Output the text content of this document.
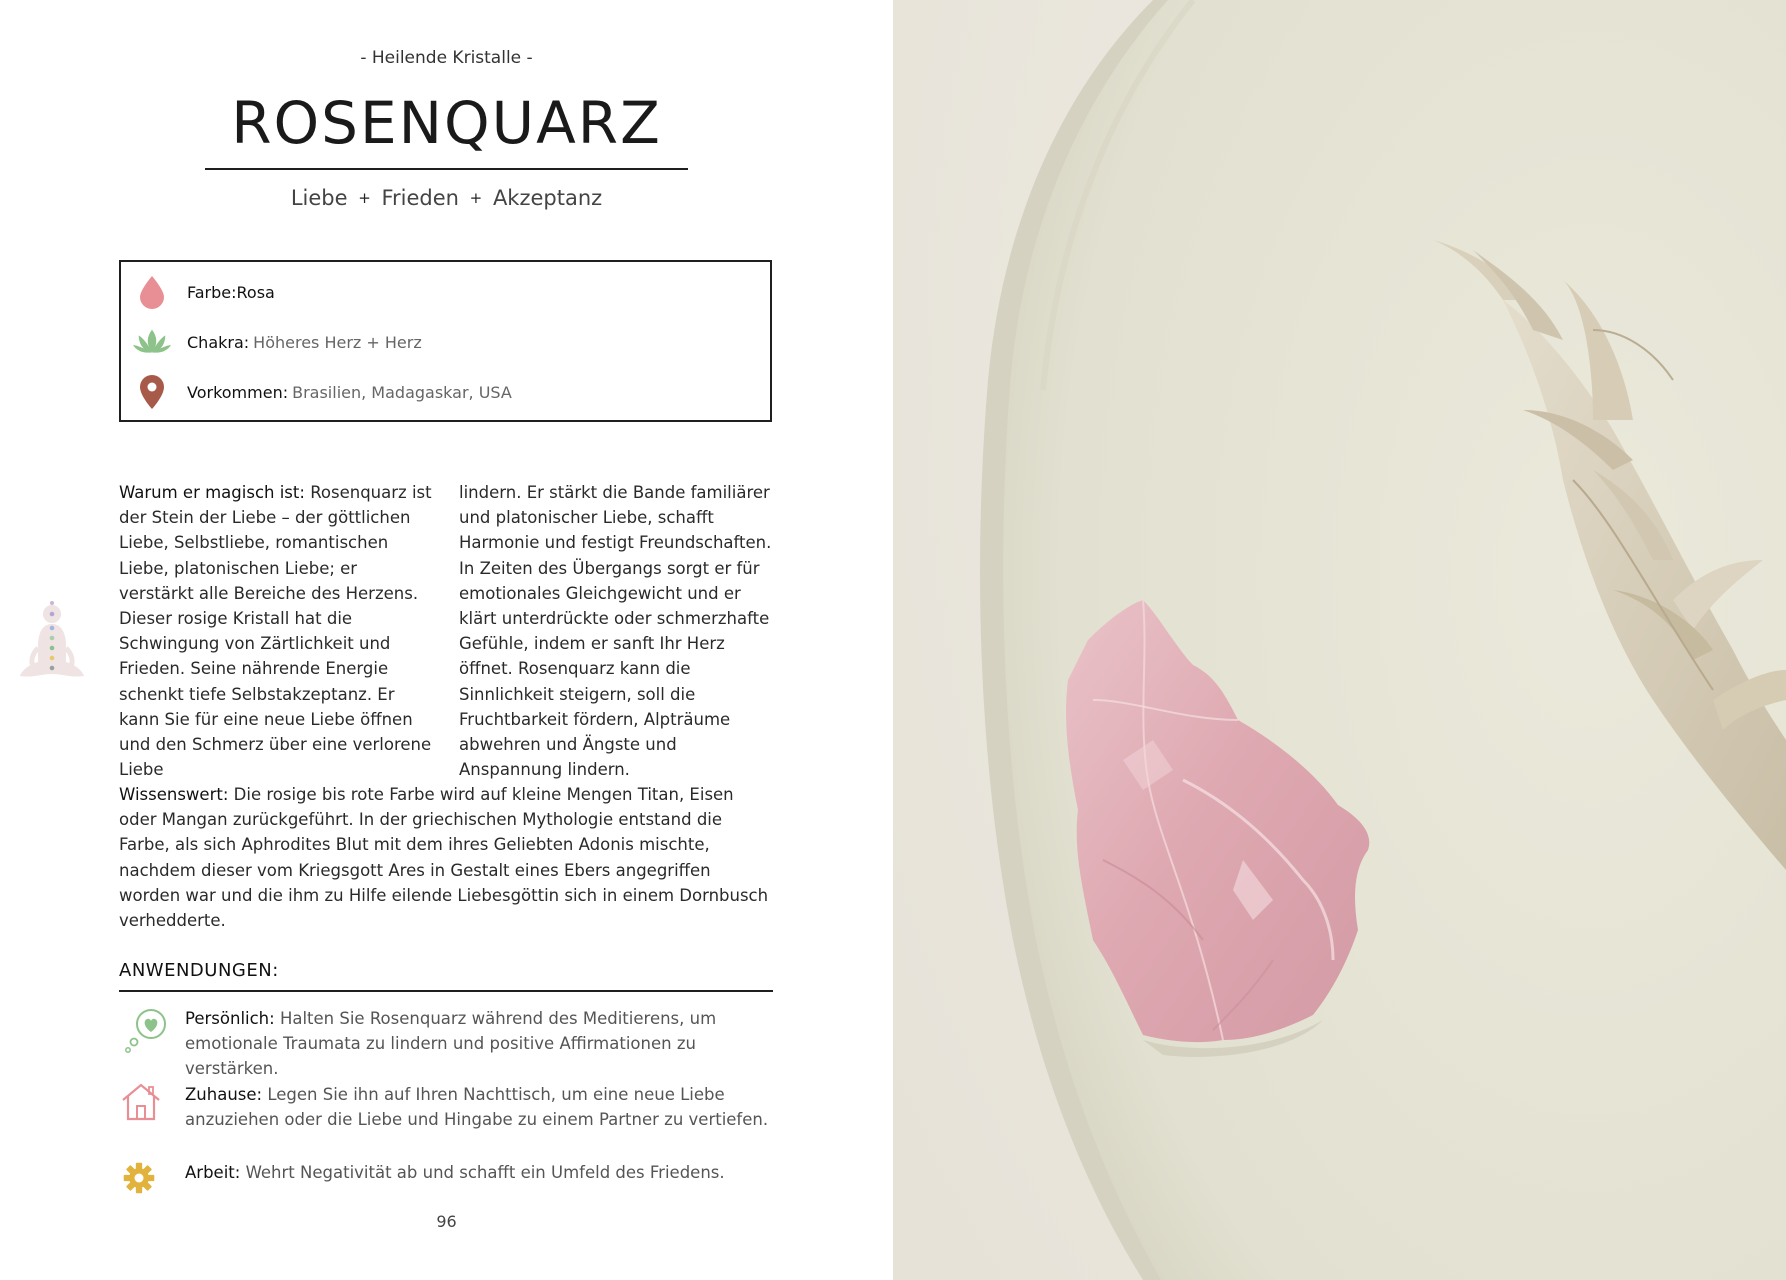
- Heilende Kristalle -
ROSENQUARZ
Liebe + Frieden + Akzeptanz
Farbe: Rosa
Chakra: Höheres Herz + Herz
Vorkommen: Brasilien, Madagaskar, USA
Warum er magisch ist: Rosenquarz ist der Stein der Liebe – der göttlichen Liebe, Selbstliebe, romantischen Liebe, platonischen Liebe; er verstärkt alle Bereiche des Herzens. Dieser rosige Kristall hat die Schwingung von Zärtlichkeit und Frieden. Seine nährende Energie schenkt tiefe Selbstakzeptanz. Er kann Sie für eine neue Liebe öffnen und den Schmerz über eine verlorene Liebe
lindern. Er stärkt die Bande familiärer und platonischer Liebe, schafft Harmonie und festigt Freundschaften. In Zeiten des Übergangs sorgt er für emotionales Gleichgewicht und er klärt unterdrückte oder schmerzhafte Gefühle, indem er sanft Ihr Herz öffnet. Rosenquarz kann die Sinnlichkeit steigern, soll die Fruchtbarkeit fördern, Alpträume abwehren und Ängste und Anspannung lindern.
Wissenswert: Die rosige bis rote Farbe wird auf kleine Mengen Titan, Eisen oder Mangan zurückgeführt. In der griechischen Mythologie entstand die Farbe, als sich Aphrodites Blut mit dem ihres Geliebten Adonis mischte, nachdem dieser vom Kriegsgott Ares in Gestalt eines Ebers angegriffen worden war und die ihm zu Hilfe eilende Liebesgöttin sich in einem Dornbusch verhedderte.
ANWENDUNGEN:
Persönlich: Halten Sie Rosenquarz während des Meditierens, um emotionale Traumata zu lindern und positive Affirmationen zu verstärken.
Zuhause: Legen Sie ihn auf Ihren Nachttisch, um eine neue Liebe anzuziehen oder die Liebe und Hingabe zu einem Partner zu vertiefen.
Arbeit: Wehrt Negativität ab und schafft ein Umfeld des Friedens.
96
